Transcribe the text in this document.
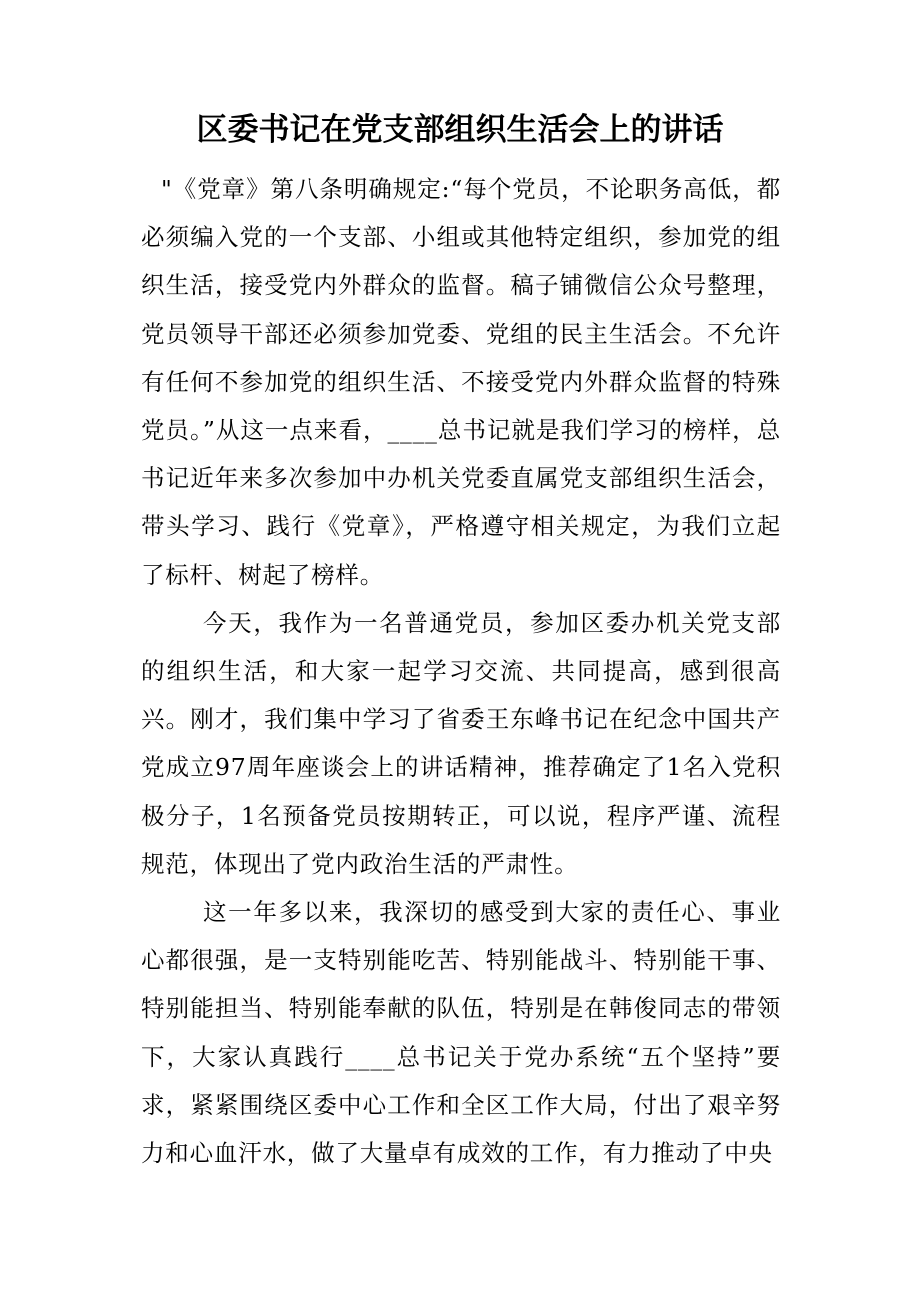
区委书记在党支部组织生活会上的讲话

"《党章》第八条明确规定:“每个党员，不论职务高低，都必须编入党的一个支部、小组或其他特定组织，参加党的组织生活，接受党内外群众的监督。稿子铺微信公众号整理，党员领导干部还必须参加党委、党组的民主生活会。不允许有任何不参加党的组织生活、不接受党内外群众监督的特殊党员。”从这一点来看，____总书记就是我们学习的榜样，总书记近年来多次参加中办机关党委直属党支部组织生活会，带头学习、践行《党章》，严格遵守相关规定，为我们立起了标杆、树起了榜样。

今天，我作为一名普通党员，参加区委办机关党支部的组织生活，和大家一起学习交流、共同提高，感到很高兴。刚才，我们集中学习了省委王东峰书记在纪念中国共产党成立97周年座谈会上的讲话精神，推荐确定了1名入党积极分子，1名预备党员按期转正，可以说，程序严谨、流程规范，体现出了党内政治生活的严肃性。

这一年多以来，我深切的感受到大家的责任心、事业心都很强，是一支特别能吃苦、特别能战斗、特别能干事、特别能担当、特别能奉献的队伍，特别是在韩俊同志的带领下，大家认真践行____总书记关于党办系统“五个坚持”要求，紧紧围绕区委中心工作和全区工作大局，付出了艰辛努力和心血汗水，做了大量卓有成效的工作，有力推动了中央
